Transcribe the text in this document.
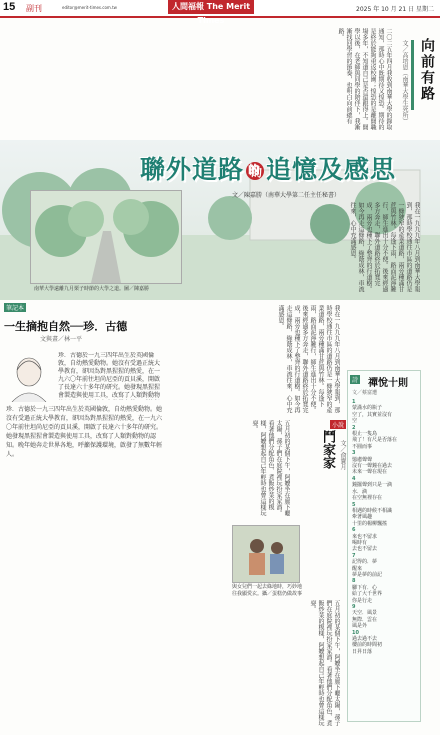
15 副刊	editor@merit-times.com.tw	人間福報 The Merit Times
2025 年 10 月 21 日 星期二
向前有路
文／高培恩（南華大學生死所）
二〇二五年四月我收到南華大學的錄取通知，那時心中既期待又惶恐。期待的是終於能夠重返校園；惶恐的是離開職場多年，不知道自己是否還跟得上。開學以後，在老師與同學的陪伴下，我漸漸找回學習的節奏，也明白向前總有路。
聯外道路 的 追憶及感思
文／陳嘉勝（南華大學第二任主任秘書）
南華大學遠離九月栗子時節的大學之道。圖／陳嘉勝	我在一九九九年八月到南華大學報到，那時學校通往市區的道路仍是一條狹窄的產業道路，兩旁種滿甘蔗與竹林。每逢下雨，路面泥濘難行，師生進出十分不便。後來經過多方奔走，聯外道路終於拓寬完成，兩旁也種下了整齊的行道樹。如今再走這條路，綠蔭成林，車流往來，心中充滿感恩。
筆記本
一生摘抱自然──珍．古德
文與畫／林一平
珍．古德於一九三四年出生於英國倫敦，自幼熱愛動物。她沒有受過正統大學教育，卻因為對黑猩猩的熱愛，在一九六〇年前往坦尚尼亞的貢貝溪，開啟了長達六十多年的研究。她發現黑猩猩會製造與使用工具，改寫了人類對動物
珍．古德於一九三四年出生於英國倫敦，自幼熱愛動物。她沒有受過正統大學教育，卻因為對黑猩猩的熱愛，在一九六〇年前往坦尚尼亞的貢貝溪，開啟了長達六十多年的研究。她發現黑猩猩會製造與使用工具，改寫了人類對動物的認知。晚年她奔走世界各地，呼籲保護環境，啟發了無數年輕人。
我在一九九九年八月到南華大學報到，那時學校通往市區的道路仍是一條狹窄的產業道路，兩旁種滿甘蔗與竹林。每逢下雨，路面泥濘難行，師生進出十分不便。後來經過多方奔走，聯外道路終於拓寬完成，兩旁也種下了整齊的行道樹。如今再走這條路，綠蔭成林，車流往來，心中充滿感恩。
小說
鬥家家 文／俞寶月
五月初的某個下午，阿嬤坐在廊下曬太陽，孫子們在庭院裡玩扮家家酒。看著他們分配角色、煮飯炒菜的模樣，阿嬤想起自己年輕時也曾這樣玩耍。
與女兒們一起去綠地時，巧妙地往我顯愛玄。攝／蛋糕仍做故事
五月初的某個下午，阿嬤坐在廊下曬太陽，孫子們在庭院裡玩扮家家酒。看著他們分配角色、煮飯炒菜的模樣，阿嬤想起自己年輕時也曾這樣玩耍。
詩 禪悅十則
文／蔡富遭
1
蒙滿水的瓶子
空了，其實並沒有
空
2
根止一隻鳥
飛了！有尺是否落在
不圓而事
3
憶慮聲聲
沒有一聲鐘在過去
未來一聲在現在
4
鐘擺聲到只是一滴
水．滴
在空無裡存在
5
相遇的時候不相識
牽著風趣
十里的楊柳飄搖
6
來也不留求
喝時有
去也不留去
7
記得的．夢
醒來
夢是夢的前記
8
腳下有．心
給了大千世界
你是行走
9
天空．風景
無際．雲在
風是外
10
過去過不去
樓前的時間初
日昇日落
